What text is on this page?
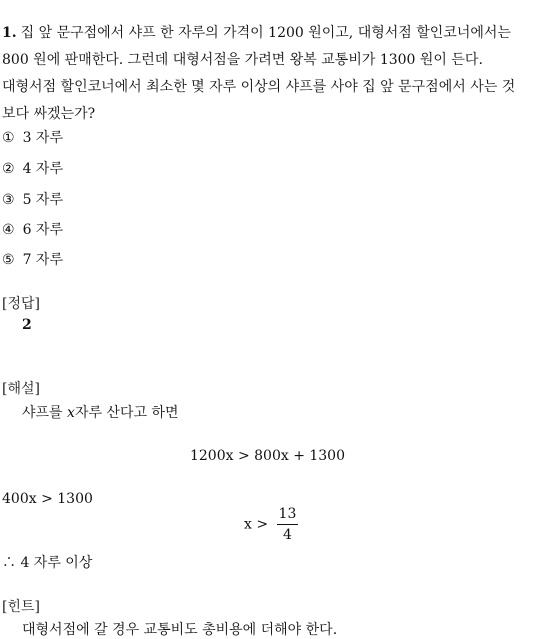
1. 집 앞 문구점에서 샤프 한 자루의 가격이 1200 원이고, 대형서점 할인코너에서는 800 원에 판매한다. 그런데 대형서점을 가려면 왕복 교통비가 1300 원이 든다. 대형서점 할인코너에서 최소한 몇 자루 이상의 샤프를 사야 집 앞 문구점에서 사는 것 보다 싸겠는가?
① 3 자루
② 4 자루
③ 5 자루
④ 6 자루
⑤ 7 자루
[정답]
2
[해설]
샤프를 x자루 산다고 하면
1200x > 800x + 1300
400x > 1300
$x > \frac{13}{4}$
∴ 4 자루 이상
[힌트]
대형서점에 갈 경우 교통비도 총비용에 더해야 한다.
